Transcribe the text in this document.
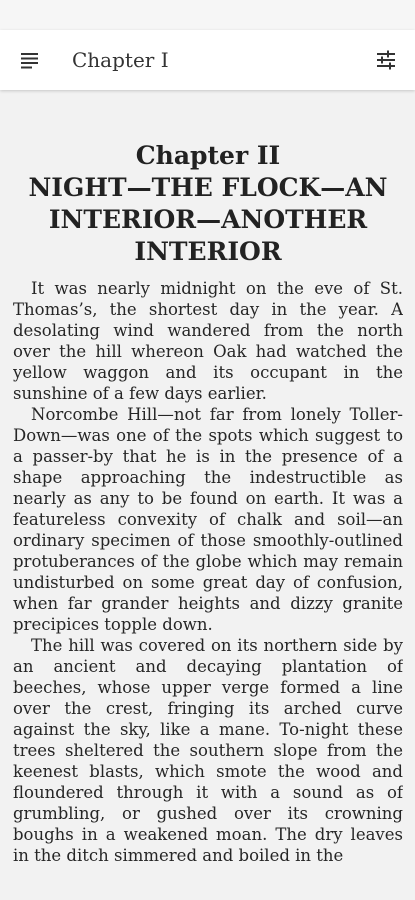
Chapter I
Chapter II
NIGHT—THE FLOCK—AN
INTERIOR—ANOTHER
INTERIOR

It was nearly midnight on the eve of St. Thomas’s, the shortest day in the year. A desolating wind wandered from the north over the hill whereon Oak had watched the yellow waggon and its occupant in the sunshine of a few days earlier.

Norcombe Hill—not far from lonely Toller-Down—was one of the spots which suggest to a passer-by that he is in the presence of a shape approaching the indestructible as nearly as any to be found on earth. It was a featureless convexity of chalk and soil—an ordinary specimen of those smoothly-outlined protuberances of the globe which may remain undisturbed on some great day of confusion, when far grander heights and dizzy granite precipices topple down.

The hill was covered on its northern side by an ancient and decaying plantation of beeches, whose upper verge formed a line over the crest, fringing its arched curve against the sky, like a mane. To-night these trees sheltered the southern slope from the keenest blasts, which smote the wood and floundered through it with a sound as of grumbling, or gushed over its crowning boughs in a weakened moan. The dry leaves in the ditch simmered and boiled in the
